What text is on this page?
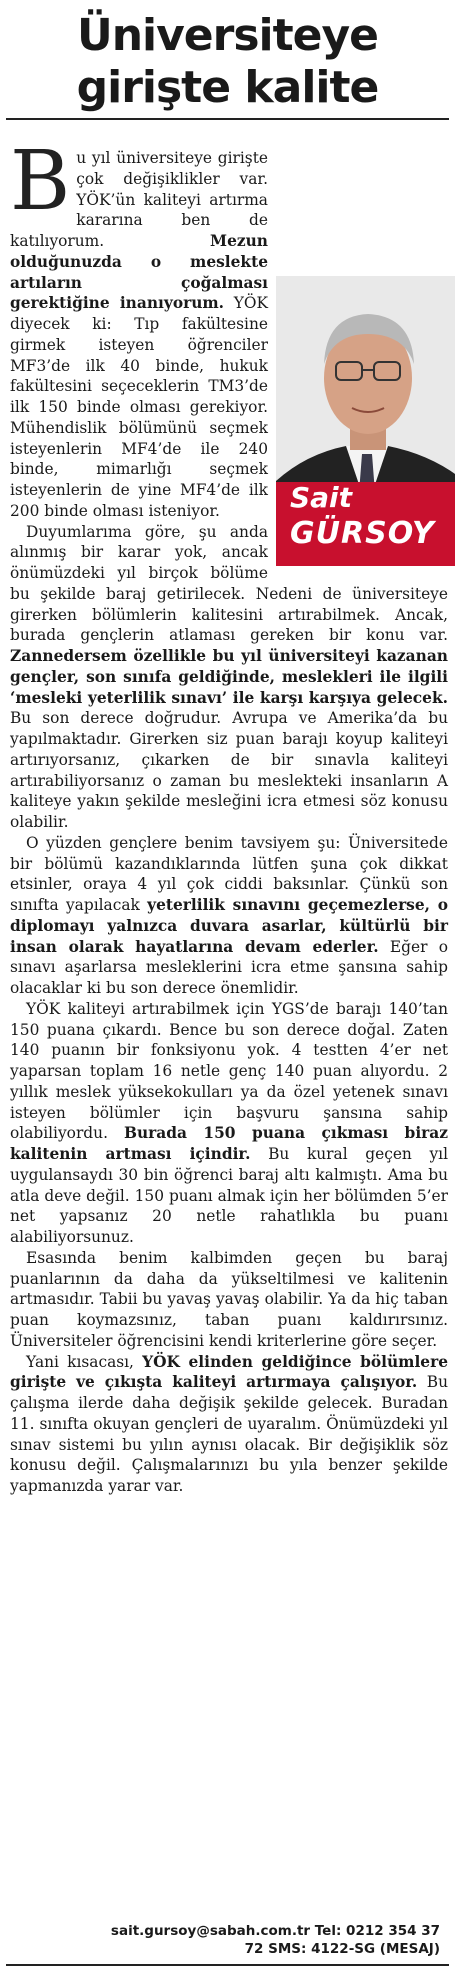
Üniversiteye
girişte kalite
Sait
GÜRSOY

Bu yıl üniversiteye girişte çok değişiklikler var. YÖK’ün kaliteyi artırma kararına ben de katılıyorum. Mezun olduğunuzda o meslekte artıların çoğalması gerektiğine inanıyorum. YÖK diyecek ki: Tıp fakültesine girmek isteyen öğrenciler MF3’de ilk 40 binde, hukuk fakültesini seçeceklerin TM3’de ilk 150 binde olması gerekiyor. Mühendislik bölümünü seçmek isteyenlerin MF4’de ile 240 binde, mimarlığı seçmek isteyenlerin de yine MF4’de ilk 200 binde olması isteniyor.

Duyumlarıma göre, şu anda alınmış bir karar yok, ancak önümüzdeki yıl birçok bölüme bu şekilde baraj getirilecek. Nedeni de üniversiteye girerken bölümlerin kalitesini artırabilmek. Ancak, burada gençlerin atlaması gereken bir konu var. Zannedersem özellikle bu yıl üniversiteyi kazanan gençler, son sınıfa geldiğinde, meslekleri ile ilgili ‘mesleki yeterlilik sınavı’ ile karşı karşıya gelecek. Bu son derece doğrudur. Avrupa ve Amerika’da bu yapılmaktadır. Girerken siz puan barajı koyup kaliteyi artırıyorsanız, çıkarken de bir sınavla kaliteyi artırabiliyorsanız o zaman bu meslekteki insanların A kaliteye yakın şekilde mesleğini icra etmesi söz konusu olabilir.

O yüzden gençlere benim tavsiyem şu: Üniversitede bir bölümü kazandıklarında lütfen şuna çok dikkat etsinler, oraya 4 yıl çok ciddi baksınlar. Çünkü son sınıfta yapılacak yeterlilik sınavını geçemezlerse, o diplomayı yalnızca duvara asarlar, kültürlü bir insan olarak hayatlarına devam ederler. Eğer o sınavı aşarlarsa mesleklerini icra etme şansına sahip olacaklar ki bu son derece önemlidir.

YÖK kaliteyi artırabilmek için YGS’de barajı 140’tan 150 puana çıkardı. Bence bu son derece doğal. Zaten 140 puanın bir fonksiyonu yok. 4 testten 4’er net yaparsan toplam 16 netle genç 140 puan alıyordu. 2 yıllık meslek yüksekokulları ya da özel yetenek sınavı isteyen bölümler için başvuru şansına sahip olabiliyordu. Burada 150 puana çıkması biraz kalitenin artması içindir. Bu kural geçen yıl uygulansaydı 30 bin öğrenci baraj altı kalmıştı. Ama bu atla deve değil. 150 puanı almak için her bölümden 5’er net yapsanız 20 netle rahatlıkla bu puanı alabiliyorsunuz.

Esasında benim kalbimden geçen bu baraj puanlarının da daha da yükseltilmesi ve kalitenin artmasıdır. Tabii bu yavaş yavaş olabilir. Ya da hiç taban puan koymazsınız, taban puanı kaldırırsınız. Üniversiteler öğrencisini kendi kriterlerine göre seçer.

Yani kısacası, YÖK elinden geldiğince bölümlere girişte ve çıkışta kaliteyi artırmaya çalışıyor. Bu çalışma ilerde daha değişik şekilde gelecek. Buradan 11. sınıfta okuyan gençleri de uyaralım. Önümüzdeki yıl sınav sistemi bu yılın aynısı olacak. Bir değişiklik söz konusu değil. Çalışmalarınızı bu yıla benzer şekilde yapmanızda yarar var.

sait.gursoy@sabah.com.tr Tel: 0212 354 37
72 SMS: 4122-SG (MESAJ)
